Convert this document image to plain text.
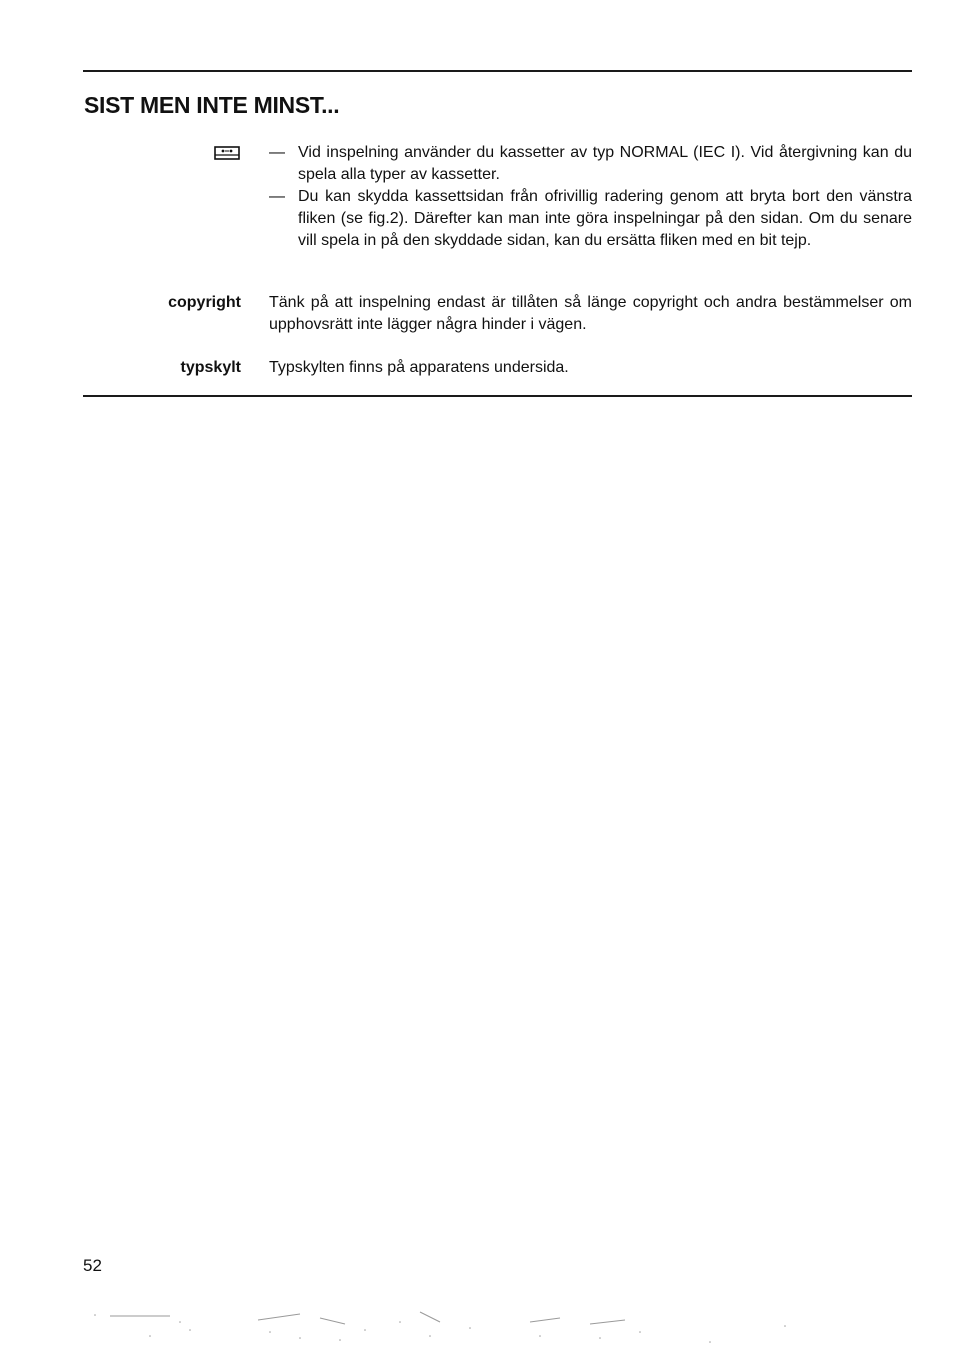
SIST MEN INTE MINST...
— Vid inspelning använder du kassetter av typ NORMAL (IEC I). Vid återgivning kan du spela alla typer av kassetter.
— Du kan skydda kassettsidan från ofrivillig radering genom att bryta bort den vänstra fliken (se fig.2). Därefter kan man inte göra inspelningar på den sidan. Om du senare vill spela in på den skyddade sidan, kan du ersätta fliken med en bit tejp.
copyright Tänk på att inspelning endast är tillåten så länge copyright och andra bestämmelser om upphovsrätt inte lägger några hinder i vägen.
typskylt Typskylten finns på apparatens undersida.
52
